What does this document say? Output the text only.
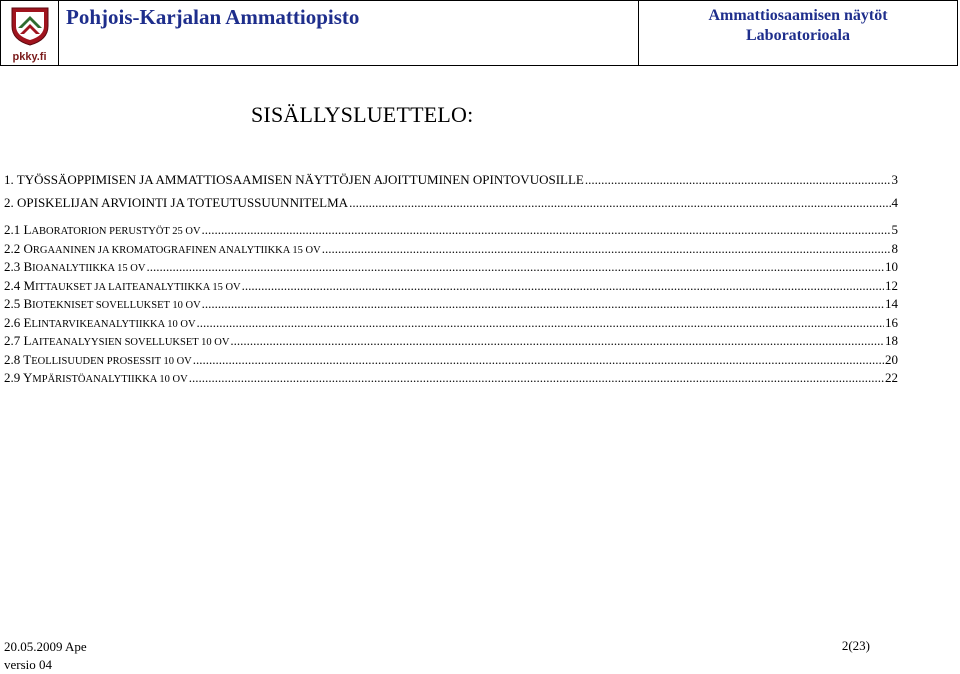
pkky.fi
Pohjois-Karjalan Ammattiopisto	Ammattiosaamisen näytöt
Laboratorioala
SISÄLLYSLUETTELO:
1. TYÖSSÄOPPIMISEN JA AMMATTIOSAAMISEN NÄYTTÖJEN AJOITTUMINEN OPINTOVUOSILLE .....	3
2. OPISKELIJAN ARVIOINTI JA TOTEUTUSSUUNNITELMA .....	4
2.1 LABORATORION PERUSTYÖT 25 OV .....	5
2.2 ORGAANINEN JA KROMATOGRAFINEN ANALYTIIKKA 15 OV .....	8
2.3 BIOANALYTIIKKA 15 OV .....	10
2.4 MITTAUKSET JA LAITEANALYTIIKKA 15 OV .....	12
2.5 BIOTEKNISET SOVELLUKSET 10 OV .....	14
2.6 ELINTARVIKEANALYTIIKKA 10 OV .....	16
2.7 LAITEANALYYSIEN SOVELLUKSET 10 OV .....	18
2.8 TEOLLISUUDEN PROSESSIT 10 OV .....	20
2.9 YMPÄRISTÖANALYTIIKKA 10 OV .....	22
20.05.2009 Ape
versio 04
2(23)
